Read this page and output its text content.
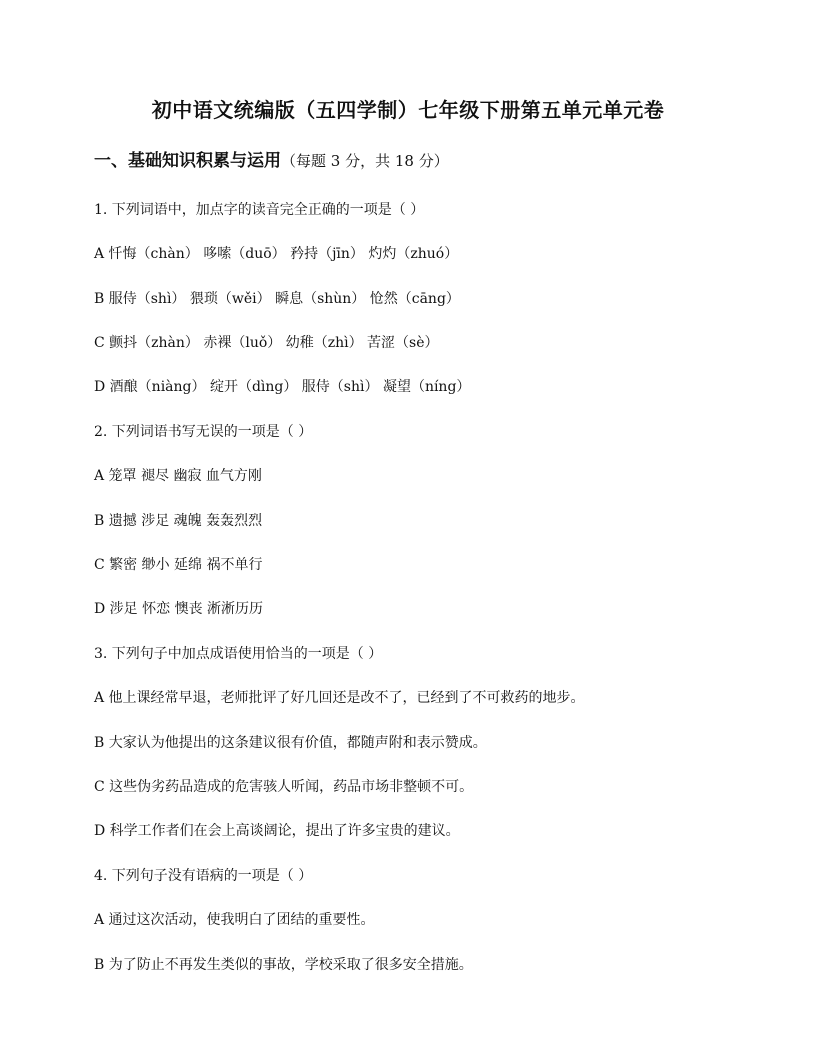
初中语文统编版（五四学制）七年级下册第五单元单元卷
一、基础知识积累与运用（每题 3 分，共 18 分）
1. 下列词语中，加点字的读音完全正确的一项是（ ）
A 忏悔（chàn） 哆嗦（duō） 矜持（jīn） 灼灼（zhuó）
B 服侍（shì） 猥琐（wěi） 瞬息（shùn） 怆然（cāng）
C 颤抖（zhàn） 赤裸（luǒ） 幼稚（zhì） 苦涩（sè）
D 酒酿（niàng） 绽开（dìng） 服侍（shì） 凝望（níng）
2. 下列词语书写无误的一项是（ ）
A 笼罩 褪尽 幽寂 血气方刚
B 遗撼 涉足 魂魄 轰轰烈烈
C 繁密 缈小 延绵 祸不单行
D 涉足 怀恋 懊丧 淅淅历历
3. 下列句子中加点成语使用恰当的一项是（ ）
A 他上课经常早退，老师批评了好几回还是改不了，已经到了不可救药的地步。
B 大家认为他提出的这条建议很有价值，都随声附和表示赞成。
C 这些伪劣药品造成的危害骇人听闻，药品市场非整顿不可。
D 科学工作者们在会上高谈阔论，提出了许多宝贵的建议。
4. 下列句子没有语病的一项是（ ）
A 通过这次活动，使我明白了团结的重要性。
B 为了防止不再发生类似的事故，学校采取了很多安全措施。
